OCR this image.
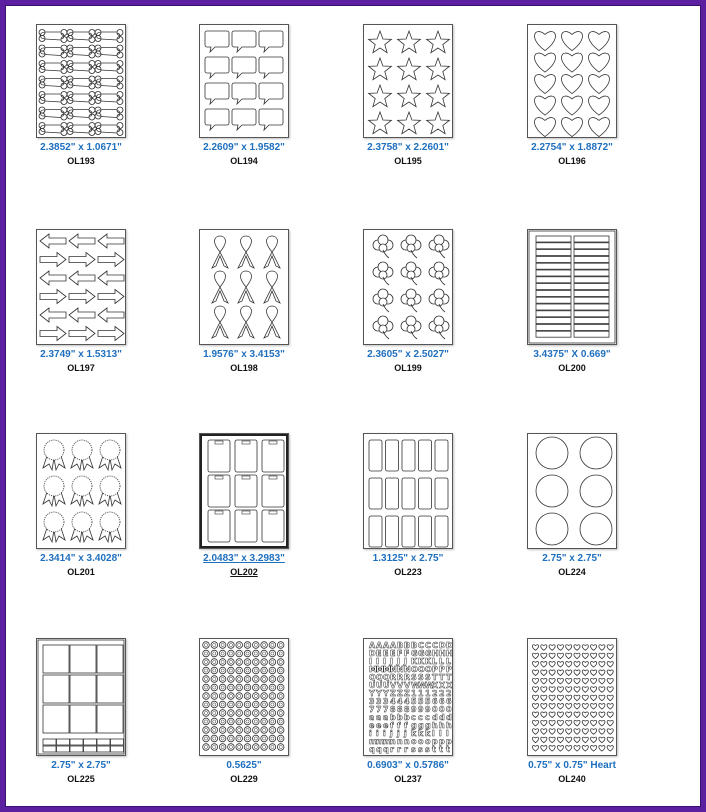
2.3852" x 1.0671"
OL193
2.2609" x 1.9582"
OL194
2.3758" x 2.2601"
OL195
2.2754" x 1.8872"
OL196
2.3749" x 1.5313"
OL197
1.9576" x 3.4153"
OL198
2.3605" x 2.5027"
OL199
3.4375" X 0.669"
OL200
2.3414" x 3.4028"
OL201
2.0483" x 3.2983"
OL202
1.3125" x 2.75"
OL223
2.75" x 2.75"
OL224
2.75" x 2.75"
OL225
0.5625"
OL229
A A A A B B B C C C D D
D E E E F F G G G H H H
I I I J J J K K K L L L
M M M N N N O O O P P P
Q Q Q R R R S S S T T T
U U U V V V W
W
W
X X X
Y Y Y Z Z Z 1 1 1 2 2 2
3 3 3 4 4 4 5 5 5 6 6 6
7 7 7 8 8 8 9 9 9 0 0 0
a a a b b b c c c d d d
e e e f f f g g g h h h
i i i j j j k k k l l l
m
m
m
n n n o o o p p p
q q q r r r s s s t t t
0.6903" x 0.5786"
OL237
0.75" x 0.75" Heart
OL240
